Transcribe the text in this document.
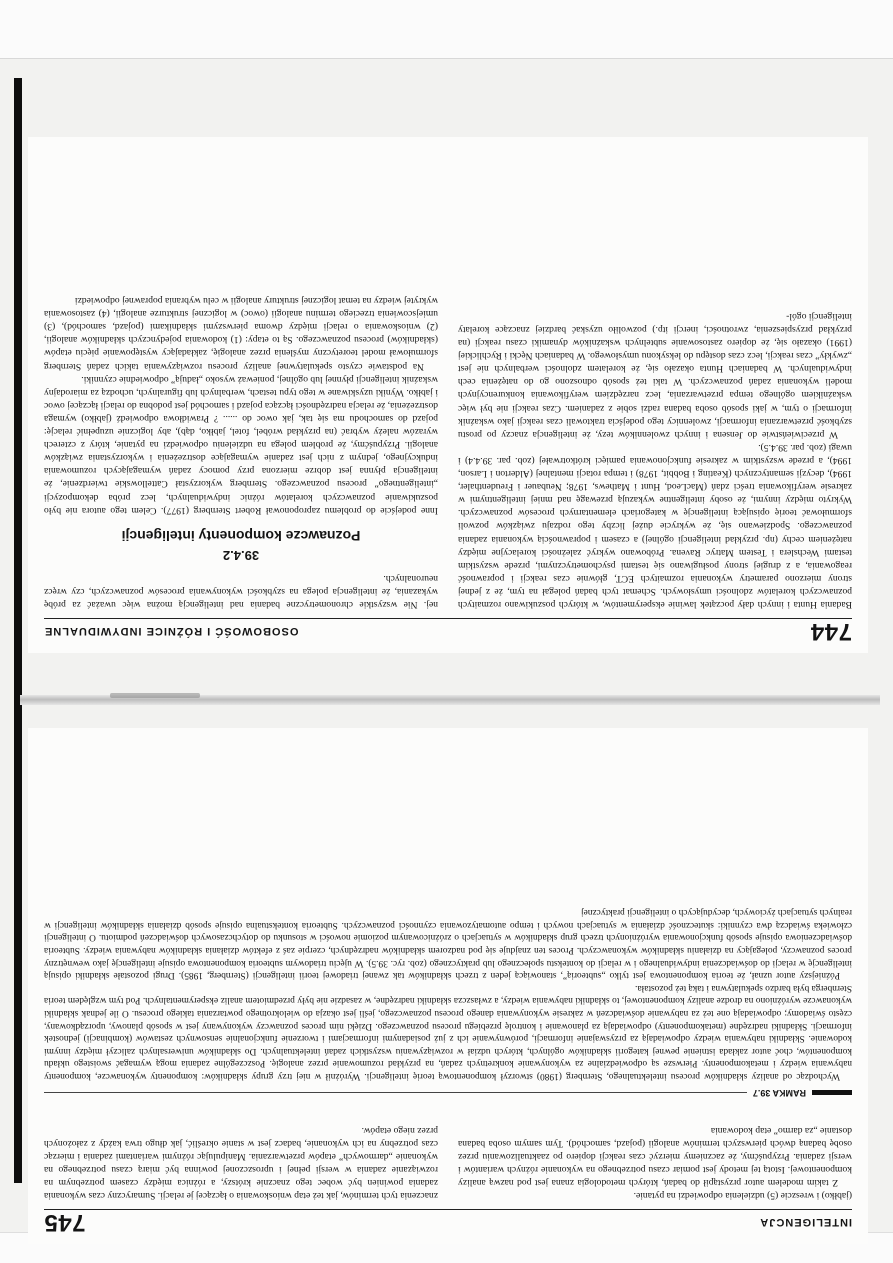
744
OSOBOWOŚĆ I RÓŻNICE INDYWIDUALNE

Badania Hunta i innych dały początek lawinie eksperymentów, w których poszukiwano rozmaitych poznawczych korelatów zdolności umysłowych. Schemat tych badań polegał na tym, że z jednej strony mierzono parametry wykonania rozmaitych ECT, głównie czas reakcji i poprawność reagowania, a z drugiej strony posługiwano się testami psychometrycznymi, przede wszystkim testami Wechslera i Testem Matryc Ravena. Próbowano wykryć zależności korelacyjne między natężeniem cechy (np. przykład inteligencji ogólnej) a czasem i poprawnością wykonania zadania poznawczego. Spodziewano się, że wykrycie dużej liczby tego rodzaju związków pozwoli sformułować teorię opisującą inteligencję w kategoriach elementarnych procesów poznawczych. Wykryto między innymi, że osoby inteligentne wykazują przewagę nad mniej inteligentnymi w zakresie weryfikowania treści zdań (MacLeod, Hunt i Mathews, 1978; Neubauer i Freudenthaler, 1994), decyzji semantycznych (Keating i Bobbit, 1978) i tempa rotacji mentalnej (Alderton i Larson, 1994), a przede wszystkim w zakresie funkcjonowania pamięci krótkotrwałej (zob. par. 39.4.4) i uwagi (zob. par. 39.4.5).

W przeciwieństwie do Jensena i innych zwolenników tezy, że inteligencja znaczy po prostu szybkość przetwarzania informacji, zwolennicy tego podejścia traktowali czas reakcji jako wskaźnik informacji o tym, w jaki sposób osoba badana radzi sobie z zadaniem. Czas reakcji nie był więc wskaźnikiem ogólnego tempa przetwarzania, lecz narzędziem weryfikowania konkurencyjnych modeli wykonania zadań poznawczych. W taki też sposób odnoszono go do natężenia cech indywidualnych. W badaniach Hunta okazało się, że korelatem zdolności werbalnych nie jest „zwykły” czas reakcji, lecz czas dostępu do leksykonu umysłowego. W badaniach Nęcki i Rychlickiej (1991) okazało się, że dopiero zastosowanie subtelnych wskaźników dynamiki czasu reakcji (na przykład przyspieszenia, zwrotności, inercji itp.) pozwoliło uzyskać bardziej znaczące korelaty inteligencji ogól-

nej. Nie wszystkie chronometryczne badania nad inteligencją można więc uważać za próbę wykazania, że inteligencja polega na szybkości wykonywania procesów poznawczych, czy wręcz neuronalnych.

39.4.2
Poznawcze komponenty inteligencji

Inne podejście do problemu zaproponował Robert Sternberg (1977). Celem tego autora nie było poszukiwanie poznawczych korelatów różnic indywidualnych, lecz próba dekompozycji „inteligentnego” procesu poznawczego. Sternberg wykorzystał Cattellowskie twierdzenie, że inteligencja płynna jest dobrze mierzona przy pomocy zadań wymagających rozumowania indukcyjnego, jednym z nich jest zadanie wymagające dostrzeżenia i wykorzystania związków analogii. Przypuśćmy, że problem polega na udzieleniu odpowiedzi na pytanie, który z czterech wyrazów należy wybrać (na przykład wróbel, fotel, jabłko, dąb), aby logicznie uzupełnić relację: pojazd do samochodu ma się tak, jak owoc do ...... ? Prawidłowa odpowiedź (jabłko) wymaga dostrzeżenia, że relacja nadrzędności łącząca pojazd i samochód jest podobna do relacji łączącej owoc i jabłko. Wyniki uzyskiwane w tego typu testach, werbalnych lub figuralnych, uchodzą za miarodajny wskaźnik inteligencji płynnej lub ogólnej, ponieważ wysoko „ładują” odpowiednie czynniki.

Na podstawie czysto spekulatywnej analizy procesu rozwiązywania takich zadań Sternberg sformułował model teoretyczny myślenia przez analogię, zakładający występowanie pięciu etapów (składników) procesu poznawczego. Są to etapy: (1) kodowania pojedynczych składników analogii, (2) wnioskowania o relacji między dwoma pierwszymi składnikami (pojazd, samochód), (3) umiejscowienia trzeciego terminu analogii (owoc) w logicznej strukturze analogii, (4) zastosowania wykrytej wiedzy na temat logicznej struktury analogii w celu wybrania poprawnej odpowiedzi

INTELIGENCJA
745

(jabłko) i wreszcie (5) udzielenia odpowiedzi na pytanie.

Z takim modelem autor przystąpił do badań, których metodologia znana jest pod nazwą analizy komponentowej. Istotą tej metody jest pomiar czasu potrzebnego na wykonanie różnych wariantów i wersji zadania. Przypuśćmy, że zaczniemy mierzyć czas reakcji dopiero po zaaktualizowaniu przez osobę badaną dwóch pierwszych terminów analogii (pojazd, samochód). Tym samym osoba badana dostanie „za darmo” etap kodowania

znaczenia tych terminów, jak też etap wnioskowania o łączącej je relacji. Sumaryczny czas wykonania zadania powinien być wobec tego znacznie krótszy, a różnica między czasem potrzebnym na rozwiązanie zadania w wersji pełnej i uproszczonej powinna być miarą czasu potrzebnego na wykonanie „darmowych” etapów przetwarzania. Manipulując różnymi wariantami zadania i mierząc czas potrzebny na ich wykonanie, badacz jest w stanie określić, jak długo trwa każdy z założonych przez niego etapów.

RAMKA 39.7

Wychodząc od analizy składników procesu intelektualnego, Sternberg (1980) stworzył komponentową teorię inteligencji. Wyróżnił w niej trzy grupy składników: komponenty wykonawcze, komponenty nabywania wiedzy i metakomponenty. Pierwsze są odpowiedzialne za wykonywanie konkretnych zadań, na przykład rozumowanie przez analogię. Poszczególne zadania mogą wymagać swoistego układu komponentów, choć autor zakłada istnienie pewnej kategorii składników ogólnych, których udział w rozwiązywaniu wszystkich zadań intelektualnych. Do składników uniwersalnych zaliczył między innymi kodowanie. Składniki nabywania wiedzy odpowiadają za przyswajanie informacji, porównywanie ich z już posiadanymi informacjami i tworzenie funkcjonalnie sensownych zestawów (kombinacji) jednostek informacji. Składniki nadrzędne (metakomponenty) odpowiadają za planowanie i kontrolę przebiegu procesu poznawczego. Dzięki nim proces poznawczy wykonywany jest w sposób planowy, uporządkowany, często świadomy; odpowiadają one też za nabywanie doświadczeń w zakresie wykonywania danego procesu poznawczego, jeśli jest okazja do wielokrotnego powtarzania takiego procesu. O ile jednak składniki wykonawcze wyróżniono na drodze analizy komponentowej, to składniki nabywania wiedzy, a zwłaszcza składniki nadrzędne, w zasadzie nie były przedmiotem analiz eksperymentalnych. Pod tym względem teoria Sternberga była bardzo spekulatywna i taką też pozostała.

Późniejszy autor uznał, że teoria komponentowa jest tylko „subteorią”, stanowiącą jeden z trzech składników tak zwanej triadowej teorii inteligencji (Sternberg, 1985). Drugi pozostałe składniki opisują inteligencję w relacji do doświadczenia indywidualnego i w relacji do kontekstu społecznego lub praktycznego (zob. ryc. 39.5). W ujęciu triadowym subteoria komponentowa opisuje inteligencję jako wewnętrzny proces poznawczy, polegający na działaniu składników wykonawczych. Proces ten znajduje się pod nadzorem składników nadrzędnych, czerpie zaś z efektów działania składników nabywania wiedzy. Subteoria doświadczeniowa opisuje sposób funkcjonowania wyróżnionych trzech grup składników w sytuacjach o zróżnicowanym poziomie nowości w stosunku do dotychczasowych doświadczeń podmiotu. O inteligencji człowieka świadczą dwa czynniki: skuteczność działania w sytuacjach nowych i tempo automatyzowania czynności poznawczych. Subteoria kontekstualna opisuje sposób działania składników inteligencji w realnych sytuacjach życiowych, decydujących o inteligencji praktycznej
